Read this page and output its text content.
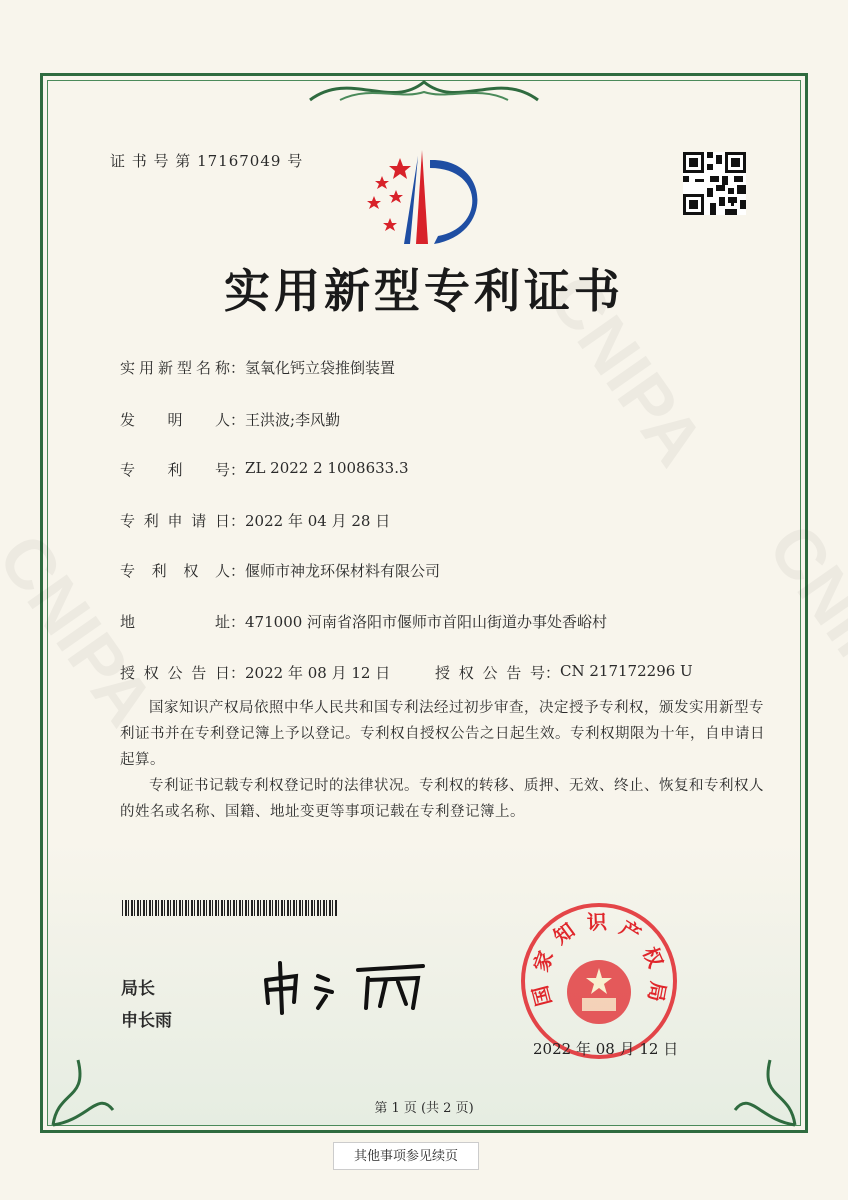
证 书 号 第 17167049 号
实用新型专利证书
实用新型名称 ： 氢氧化钙立袋推倒装置
发明人 ： 王洪波;李风勤
专利号 ： ZL 2022 2 1008633.3
专利申请日 ： 2022 年 04 月 28 日
专利权人 ： 偃师市神龙环保材料有限公司
地址 ： 471000 河南省洛阳市偃师市首阳山街道办事处香峪村
授权公告日 ： 2022 年 08 月 12 日	授权公告号 ： CN 217172296 U

国家知识产权局依照中华人民共和国专利法经过初步审查，决定授予专利权，颁发实用新型专利证书并在专利登记簿上予以登记。专利权自授权公告之日起生效。专利权期限为十年，自申请日起算。

专利证书记载专利权登记时的法律状况。专利权的转移、质押、无效、终止、恢复和专利权人的姓名或名称、国籍、地址变更等事项记载在专利登记簿上。

局长
申长雨
国家知识产权局
2022 年 08 月 12 日
第 1 页 (共 2 页)
其他事项参见续页
